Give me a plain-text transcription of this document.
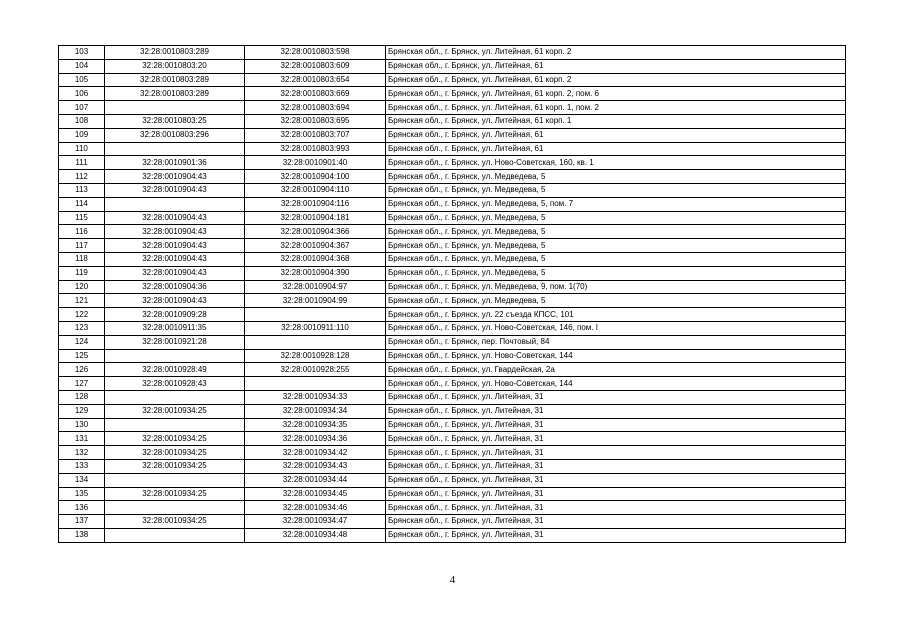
103	32:28:0010803:289	32:28:0010803:598	Брянская обл., г. Брянск, ул. Литейная, 61 корп. 2
104	32:28:0010803:20	32:28:0010803:609	Брянская обл., г. Брянск, ул. Литейная, 61
105	32:28:0010803:289	32:28:0010803:654	Брянская обл., г. Брянск, ул. Литейная, 61 корп. 2
106	32:28:0010803:289	32:28:0010803:669	Брянская обл., г. Брянск, ул. Литейная, 61 корп. 2, пом. 6
107		32:28:0010803:694	Брянская обл., г. Брянск, ул. Литейная, 61 корп. 1, пом. 2
108	32:28:0010803:25	32:28:0010803:695	Брянская обл., г. Брянск, ул. Литейная, 61 корп. 1
109	32:28:0010803:296	32:28:0010803:707	Брянская обл., г. Брянск, ул. Литейная, 61
110		32:28:0010803:993	Брянская обл., г. Брянск, ул. Литейная, 61
111	32:28:0010901:36	32:28:0010901:40	Брянская обл., г. Брянск, ул. Ново-Советская, 160, кв. 1
112	32:28:0010904:43	32:28:0010904:100	Брянская обл., г. Брянск, ул. Медведева, 5
113	32:28:0010904:43	32:28:0010904:110	Брянская обл., г. Брянск, ул. Медведева, 5
114		32:28:0010904:116	Брянская обл., г. Брянск, ул. Медведева, 5, пом. 7
115	32:28:0010904:43	32:28:0010904:181	Брянская обл., г. Брянск, ул. Медведева, 5
116	32:28:0010904:43	32:28:0010904:366	Брянская обл., г. Брянск, ул. Медведева, 5
117	32:28:0010904:43	32:28:0010904:367	Брянская обл., г. Брянск, ул. Медведева, 5
118	32:28:0010904:43	32:28:0010904:368	Брянская обл., г. Брянск, ул. Медведева, 5
119	32:28:0010904:43	32:28:0010904:390	Брянская обл., г. Брянск, ул. Медведева, 5
120	32:28:0010904:36	32:28:0010904:97	Брянская обл., г. Брянск, ул. Медведева, 9, пом. 1(70)
121	32:28:0010904:43	32:28:0010904:99	Брянская обл., г. Брянск, ул. Медведева, 5
122	32:28:0010909:28		Брянская обл., г. Брянск, ул. 22 съезда КПСС, 101
123	32:28:0010911:35	32:28:0010911:110	Брянская обл., г. Брянск, ул. Ново-Советская, 146, пом. I
124	32:28:0010921:28		Брянская обл., г. Брянск, пер. Почтовый, 84
125		32:28:0010928:128	Брянская обл., г. Брянск, ул. Ново-Советская, 144
126	32:28:0010928:49	32:28:0010928:255	Брянская обл., г. Брянск, ул. Гвардейская, 2а
127	32:28:0010928:43		Брянская обл., г. Брянск, ул. Ново-Советская, 144
128		32:28:0010934:33	Брянская обл., г. Брянск, ул. Литейная, 31
129	32:28:0010934:25	32:28:0010934:34	Брянская обл., г. Брянск, ул. Литейная, 31
130		32:28:0010934:35	Брянская обл., г. Брянск, ул. Литейная, 31
131	32:28:0010934:25	32:28:0010934:36	Брянская обл., г. Брянск, ул. Литейная, 31
132	32:28:0010934:25	32:28:0010934:42	Брянская обл., г. Брянск, ул. Литейная, 31
133	32:28:0010934:25	32:28:0010934:43	Брянская обл., г. Брянск, ул. Литейная, 31
134		32:28:0010934:44	Брянская обл., г. Брянск, ул. Литейная, 31
135	32:28:0010934:25	32:28:0010934:45	Брянская обл., г. Брянск, ул. Литейная, 31
136		32:28:0010934:46	Брянская обл., г. Брянск, ул. Литейная, 31
137	32:28:0010934:25	32:28:0010934:47	Брянская обл., г. Брянск, ул. Литейная, 31
138		32:28:0010934:48	Брянская обл., г. Брянск, ул. Литейная, 31
4
